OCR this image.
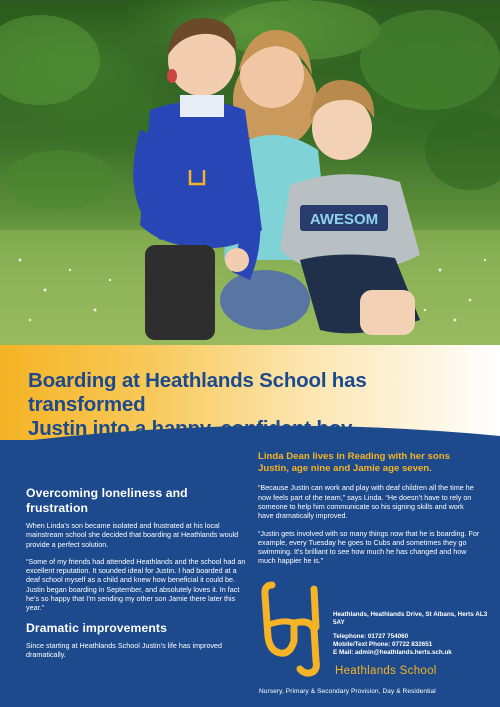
AWESOM
Boarding at Heathlands School has transformed
Justin into a happy, confident boy
Linda Dean lives in Reading with her sons Justin, age nine and Jamie age seven.

“Because Justin can work and play with deaf children all the time he now feels part of the team,” says Linda. “He doesn’t have to rely on someone to help him communicate so his signing skills and work have dramatically improved.

“Justin gets involved with so many things now that he is boarding. For example, every Tuesday he goes to Cubs and sometimes they go swimming. It’s brilliant to see how much he has changed and how much happier he is.”

Overcoming loneliness and frustration

When Linda’s son became isolated and frustrated at his local mainstream school she decided that boarding at Heathlands would provide a perfect solution.

“Some of my friends had attended Heathlands and the school had an excellent reputation. It sounded ideal for Justin. I had boarded at a deaf school myself as a child and knew how beneficial it could be. Justin began boarding in September, and absolutely loves it. In fact he’s so happy that I’m sending my other son Jamie there later this year.”

Dramatic improvements

Since starting at Heathlands School Justin’s life has improved dramatically.

Heathlands, Heathlands Drive, St Albans, Herts AL3 5AY
Telephone: 01727 754060
Mobile/Text Phone: 07722 832651
E Mail: admin@heathlands.herts.sch.uk
Heathlands School
Nursery, Primary & Secondary Provision, Day & Residential
